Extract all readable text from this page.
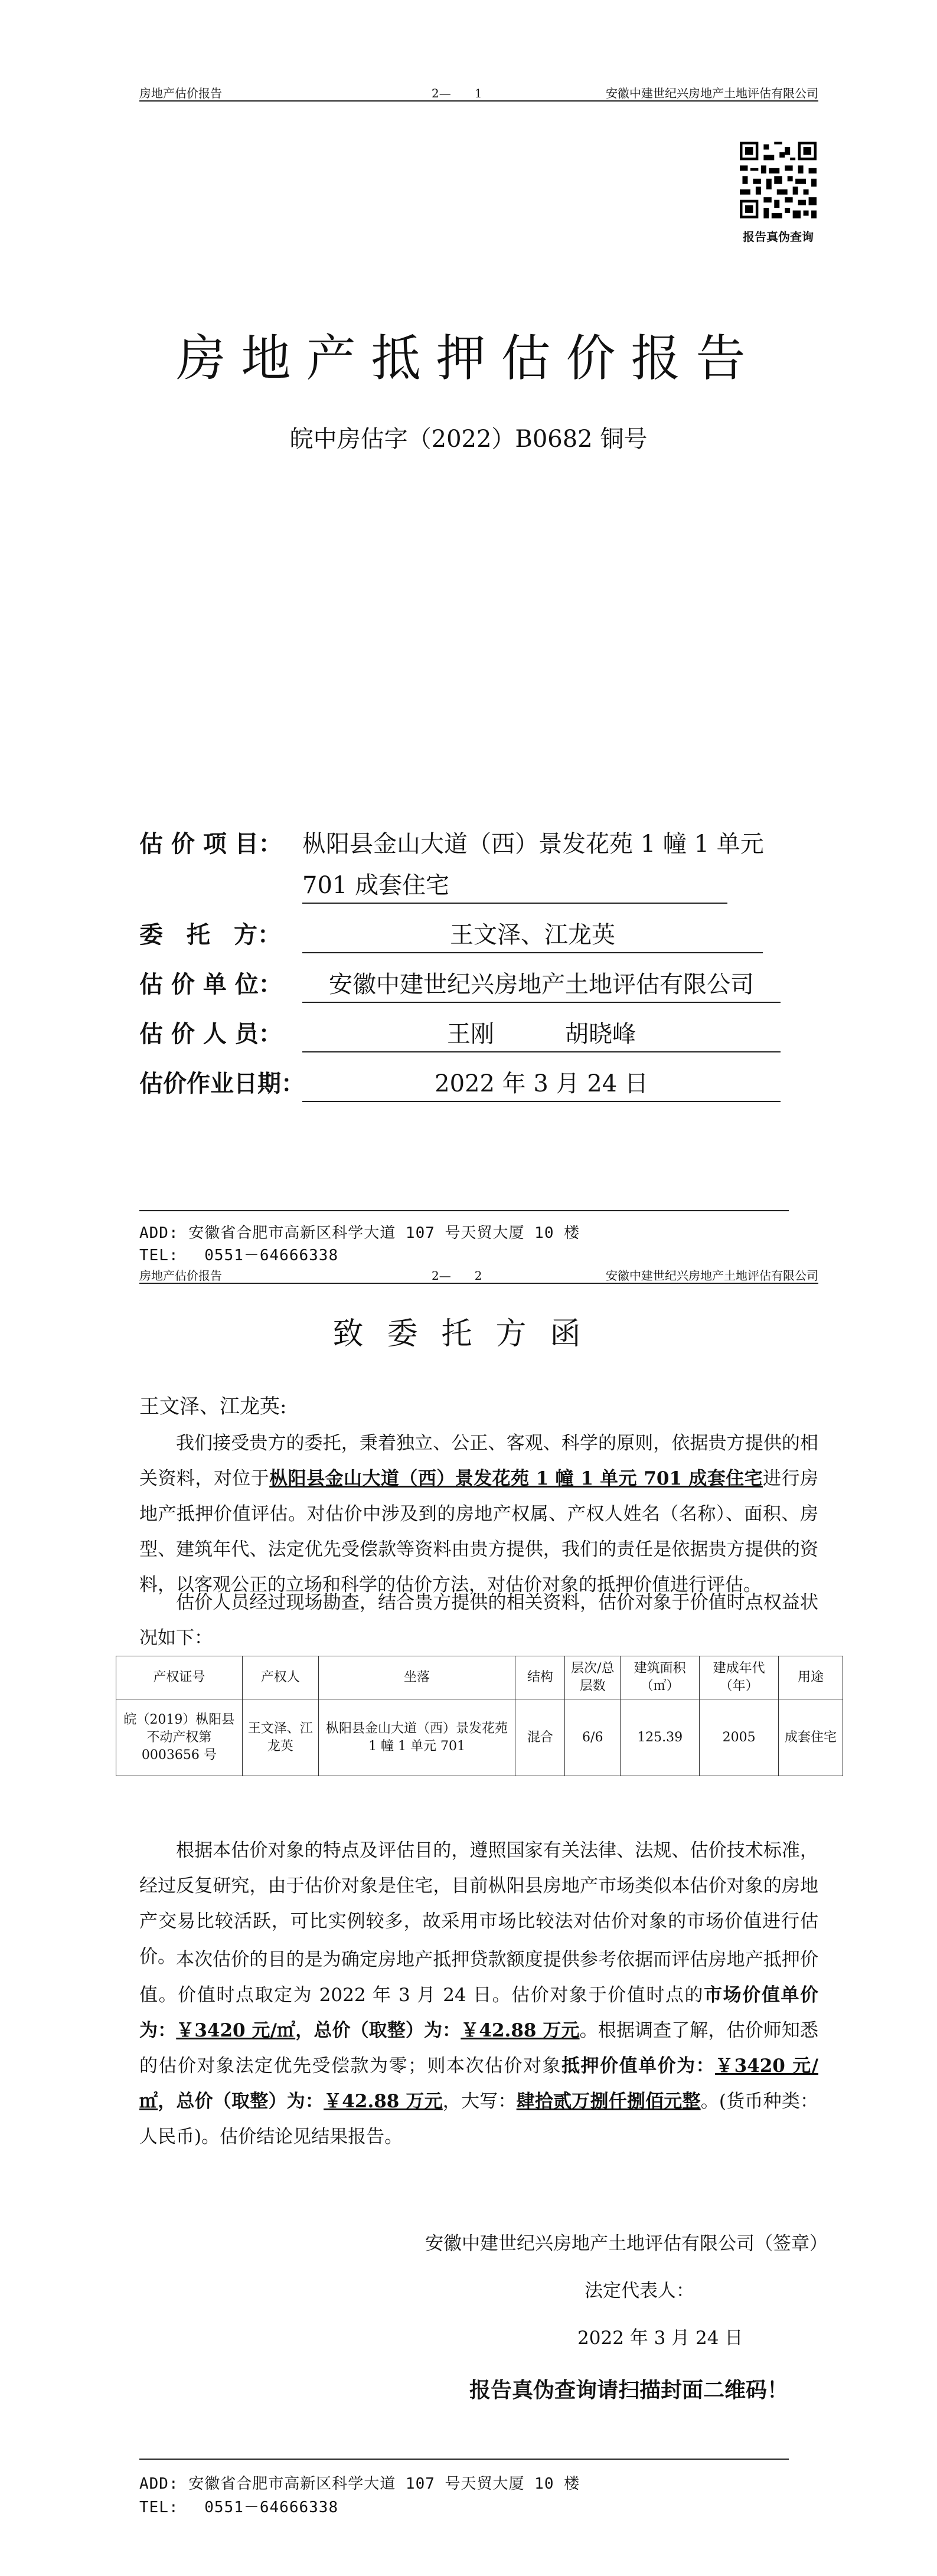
房地产估价报告	2—　　1	安徽中建世纪兴房地产土地评估有限公司
报告真伪查询
房地产抵押估价报告
皖中房估字（2022）B0682 铜号
估 价 项 目： 枞阳县金山大道（西）景发花苑 1 幢 1 单元
701 成套住宅
委　托　方：	王文泽、江龙英
估 价 单 位：	安徽中建世纪兴房地产土地评估有限公司
估 价 人 员：	王刚　　　胡晓峰
估价作业日期：	2022 年 3 月 24 日
ADD: 安徽省合肥市高新区科学大道 107 号天贸大厦 10 楼
TEL:　 0551－64666338
房地产估价报告	2—　　2	安徽中建世纪兴房地产土地评估有限公司
致委托方函
王文泽、江龙英:
我们接受贵方的委托，秉着独立、公正、客观、科学的原则，依据贵方提供的相关资料，对位于枞阳县金山大道（西）景发花苑 1 幢 1 单元 701 成套住宅进行房地产抵押价值评估。对估价中涉及到的房地产权属、产权人姓名（名称）、面积、房型、建筑年代、法定优先受偿款等资料由贵方提供，我们的责任是依据贵方提供的资料，以客观公正的立场和科学的估价方法，对估价对象的抵押价值进行评估。
估价人员经过现场勘查，结合贵方提供的相关资料，估价对象于价值时点权益状况如下：
产权证号	产权人	坐落	结构	层次/总层数	建筑面积（㎡）	建成年代（年）	用途
皖（2019）枞阳县不动产权第 0003656 号	王文泽、江龙英	枞阳县金山大道（西）景发花苑 1 幢 1 单元 701	混合	6/6	125.39	2005	成套住宅
根据本估价对象的特点及评估目的，遵照国家有关法律、法规、估价技术标准，经过反复研究，由于估价对象是住宅，目前枞阳县房地产市场类似本估价对象的房地产交易比较活跃，可比实例较多，故采用市场比较法对估价对象的市场价值进行估价。 本次估价的目的是为确定房地产抵押贷款额度提供参考依据而评估房地产抵押价值。价值时点取定为 2022 年 3 月 24 日。估价对象于价值时点的市场价值单价为：￥3420 元/㎡，总价（取整）为：￥42.88 万元。根据调查了解，估价师知悉的估价对象法定优先受偿款为零；则本次估价对象抵押价值单价为：￥3420 元/㎡，总价（取整）为：￥42.88 万元，大写：肆拾贰万捌仟捌佰元整。(货币种类：人民币)。估价结论见结果报告。
安徽中建世纪兴房地产土地评估有限公司（签章）
法定代表人：
2022 年 3 月 24 日
报告真伪查询请扫描封面二维码！
ADD: 安徽省合肥市高新区科学大道 107 号天贸大厦 10 楼
TEL:　 0551－64666338
